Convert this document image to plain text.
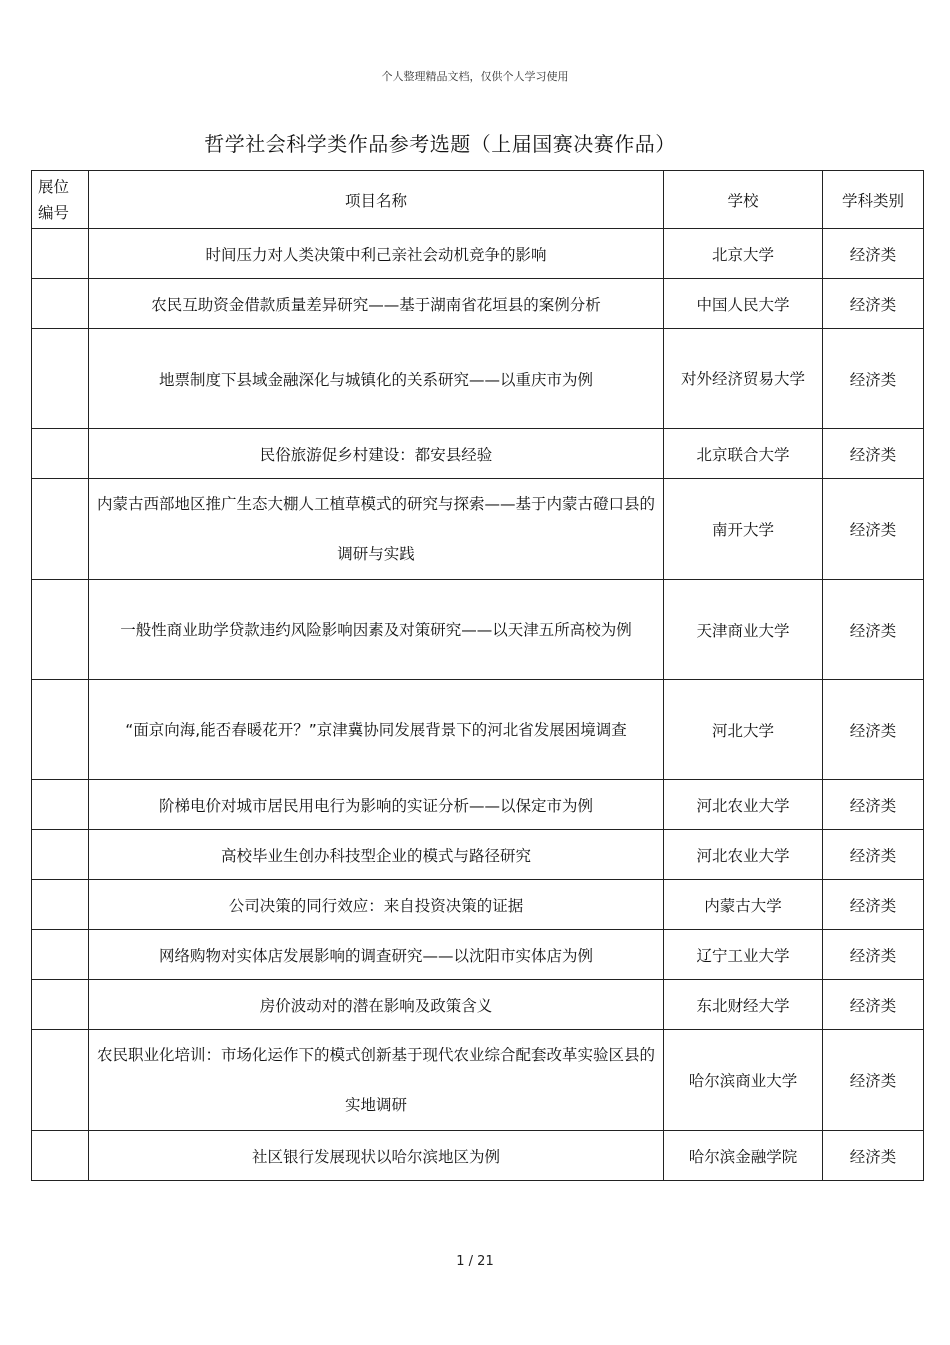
个人整理精品文档，仅供个人学习使用
哲学社会科学类作品参考选题（上届国赛决赛作品）
展位编号	项目名称	学校	学科类别
	时间压力对人类决策中利己亲社会动机竞争的影响	北京大学	经济类
	农民互助资金借款质量差异研究——基于湖南省花垣县的案例分析	中国人民大学	经济类
	地票制度下县域金融深化与城镇化的关系研究——以重庆市为例	对外经济贸易大学	经济类
	民俗旅游促乡村建设：都安县经验	北京联合大学	经济类
	内蒙古西部地区推广生态大棚人工植草模式的研究与探索——基于内蒙古磴口县的调研与实践	南开大学	经济类
	一般性商业助学贷款违约风险影响因素及对策研究——以天津五所高校为例	天津商业大学	经济类
	“面京向海,能否春暖花开？”京津冀协同发展背景下的河北省发展困境调查	河北大学	经济类
	阶梯电价对城市居民用电行为影响的实证分析——以保定市为例	河北农业大学	经济类
	高校毕业生创办科技型企业的模式与路径研究	河北农业大学	经济类
	公司决策的同行效应：来自投资决策的证据	内蒙古大学	经济类
	网络购物对实体店发展影响的调查研究——以沈阳市实体店为例	辽宁工业大学	经济类
	房价波动对的潜在影响及政策含义	东北财经大学	经济类
	农民职业化培训：市场化运作下的模式创新基于现代农业综合配套改革实验区县的实地调研	哈尔滨商业大学	经济类
	社区银行发展现状以哈尔滨地区为例	哈尔滨金融学院	经济类
1 / 21
